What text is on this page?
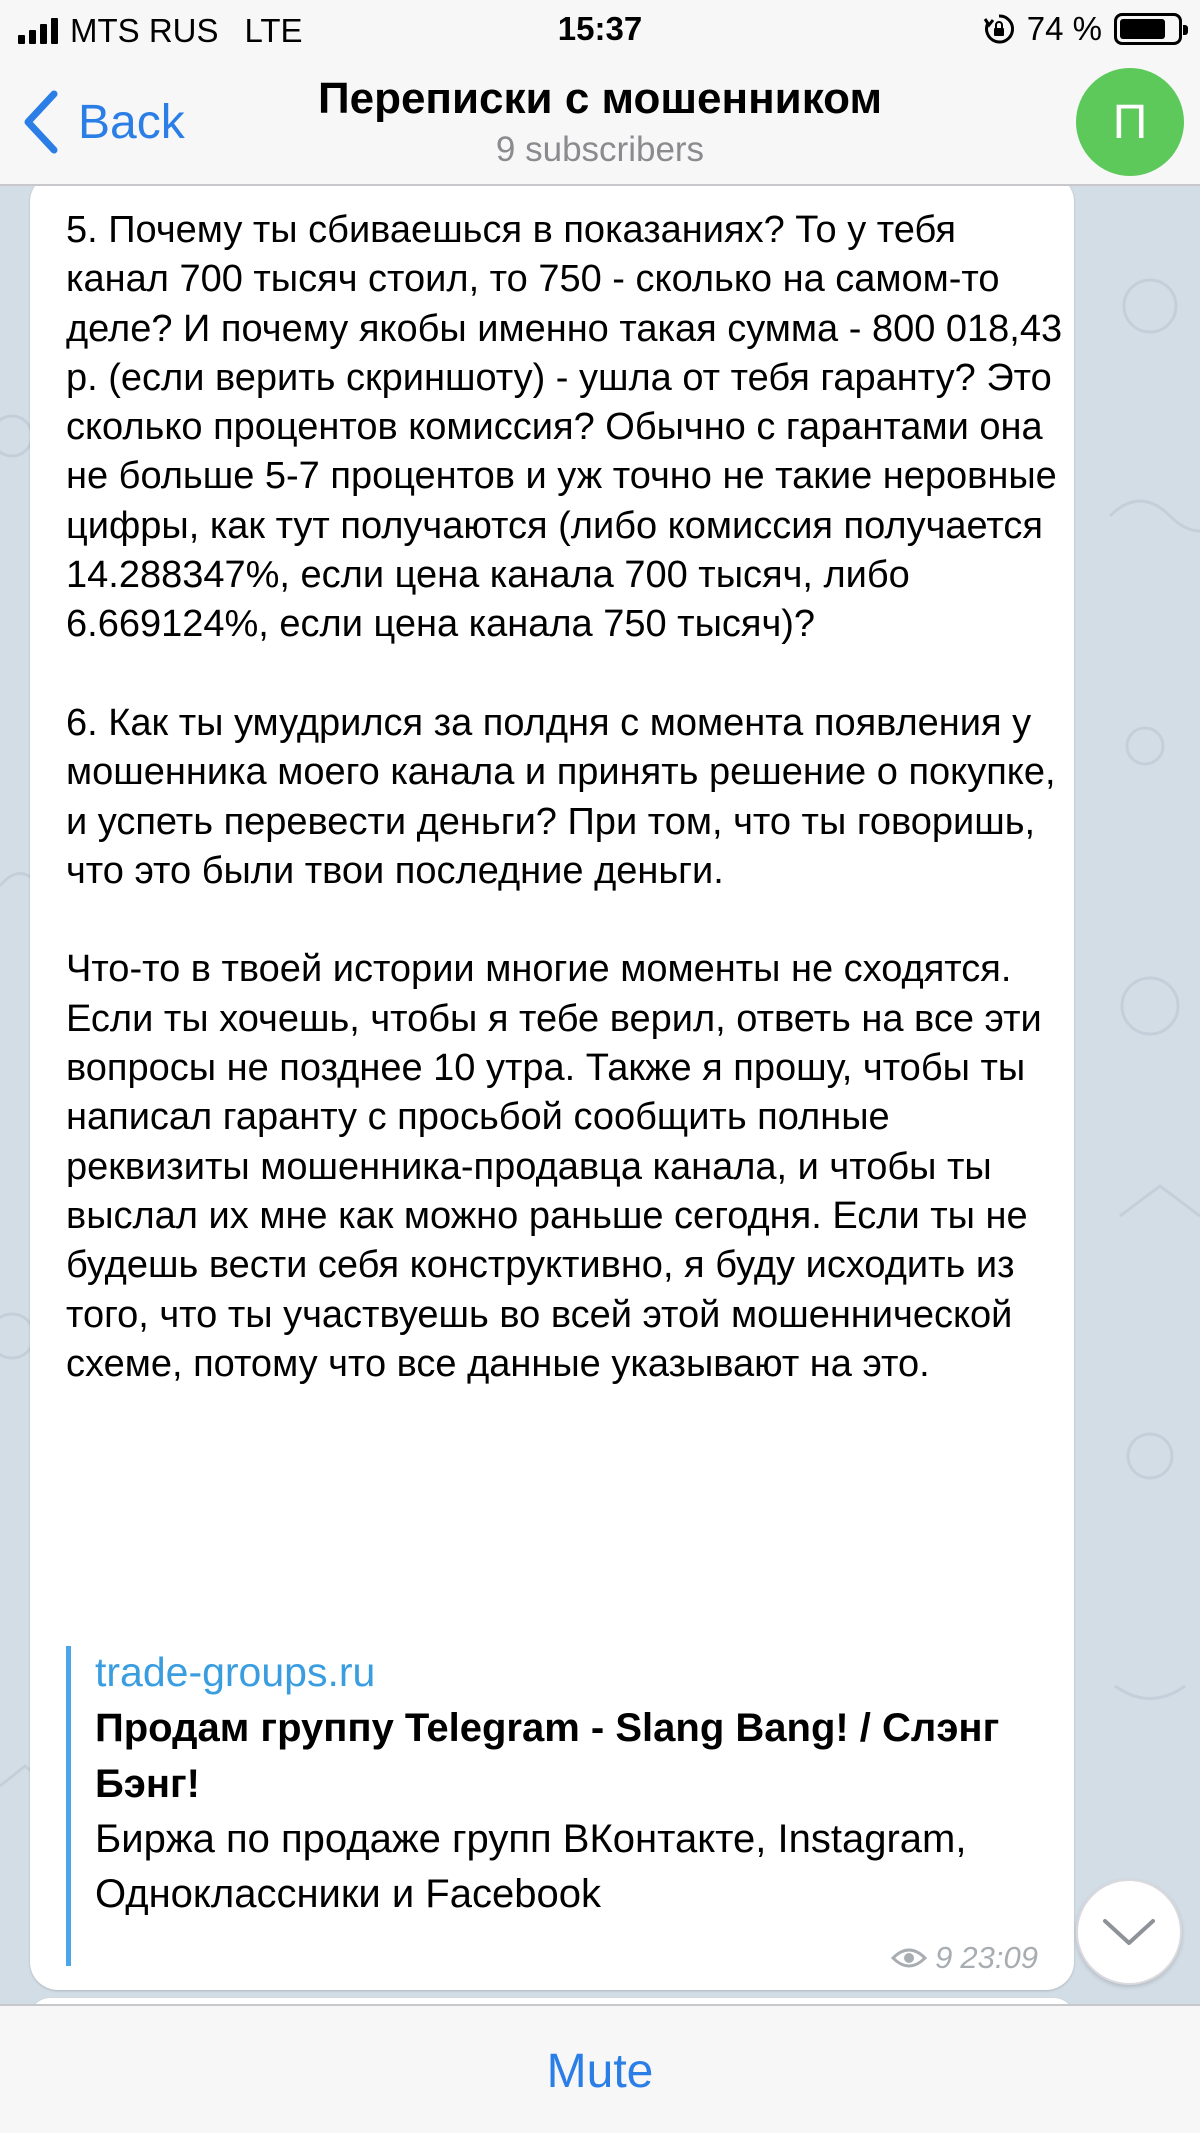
MTS RUS LTE	15:37	74 %
Back	Переписки с мошенником
9 subscribers
П
5. Почему ты сбиваешься в показаниях? То у тебя канал 700 тысяч стоил, то 750 - сколько на самом-то деле? И почему якобы именно такая сумма - 800 018,43 р. (если верить скриншоту) - ушла от тебя гаранту? Это сколько процентов комиссия? Обычно с гарантами она не больше 5-7 процентов и уж точно не такие неровные цифры, как тут получаются (либо комиссия получается 14.288347%, если цена канала 700 тысяч, либо 6.669124%, если цена канала 750 тысяч)?

6. Как ты умудрился за полдня с момента появления у мошенника моего канала и принять решение о покупке, и успеть перевести деньги? При том, что ты говоришь, что это были твои последние деньги.

Что-то в твоей истории многие моменты не сходятся. Если ты хочешь, чтобы я тебе верил, ответь на все эти вопросы не позднее 10 утра. Также я прошу, чтобы ты написал гаранту с просьбой сообщить полные реквизиты мошенника-продавца канала, и чтобы ты выслал их мне как можно раньше сегодня. Если ты не будешь вести себя конструктивно, я буду исходить из того, что ты участвуешь во всей этой мошеннической схеме, потому что все данные указывают на это.
trade-groups.ru
Продам группу Telegram - Slang Bang! / Слэнг Бэнг!
Биржа по продаже групп ВКонтакте, Instagram, Одноклассники и Facebook
9 23:09
Mute
